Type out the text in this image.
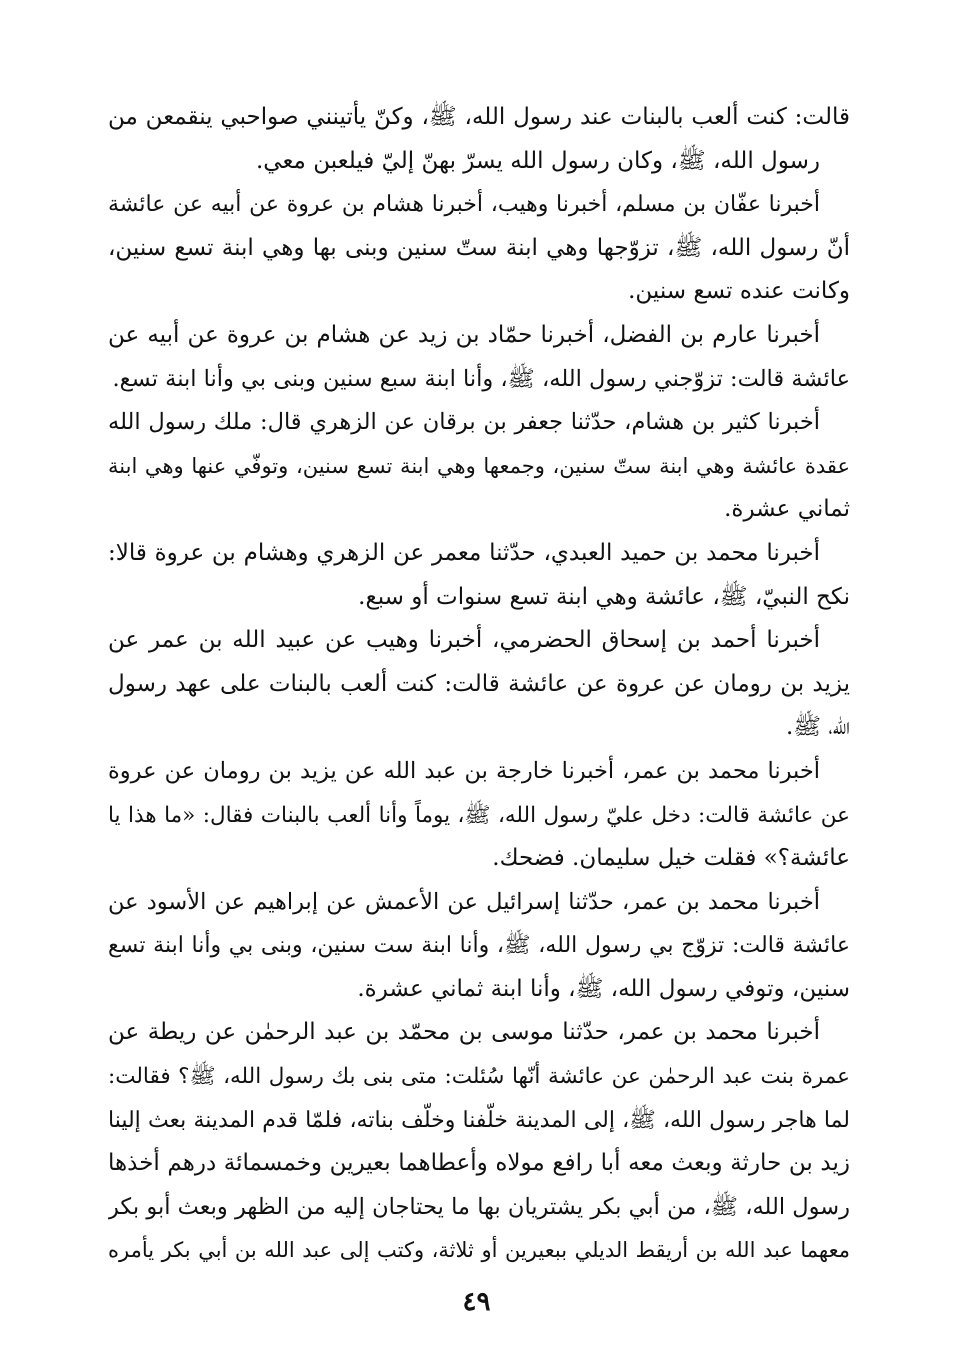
قالت: كنت ألعب بالبنات عند رسول الله، ﷺ، وكنّ يأتينني صواحبي ينقمعن من
رسول الله، ﷺ، وكان رسول الله يسرّ بهنّ إليّ فيلعبن معي.
أخبرنا عفّان بن مسلم، أخبرنا وهيب، أخبرنا هشام بن عروة عن أبيه عن عائشة
أنّ رسول الله، ﷺ، تزوّجها وهي ابنة ستّ سنين وبنى بها وهي ابنة تسع سنين،
وكانت عنده تسع سنين.
أخبرنا عارم بن الفضل، أخبرنا حمّاد بن زيد عن هشام بن عروة عن أبيه عن
عائشة قالت: تزوّجني رسول الله، ﷺ، وأنا ابنة سبع سنين وبنى بي وأنا ابنة تسع.
أخبرنا كثير بن هشام، حدّثنا جعفر بن برقان عن الزهري قال: ملك رسول الله
عقدة عائشة وهي ابنة ستّ سنين، وجمعها وهي ابنة تسع سنين، وتوفّي عنها وهي ابنة
ثماني عشرة.
أخبرنا محمد بن حميد العبدي، حدّثنا معمر عن الزهري وهشام بن عروة قالا:
نكح النبيّ، ﷺ، عائشة وهي ابنة تسع سنوات أو سبع.
أخبرنا أحمد بن إسحاق الحضرمي، أخبرنا وهيب عن عبيد الله بن عمر عن
يزيد بن رومان عن عروة عن عائشة قالت: كنت ألعب بالبنات على عهد رسول
الله، ﷺ.
أخبرنا محمد بن عمر، أخبرنا خارجة بن عبد الله عن يزيد بن رومان عن عروة
عن عائشة قالت: دخل عليّ رسول الله، ﷺ، يوماً وأنا ألعب بالبنات فقال: «ما هذا يا
عائشة؟» فقلت خيل سليمان. فضحك.
أخبرنا محمد بن عمر، حدّثنا إسرائيل عن الأعمش عن إبراهيم عن الأسود عن
عائشة قالت: تزوّج بي رسول الله، ﷺ، وأنا ابنة ست سنين، وبنى بي وأنا ابنة تسع
سنين، وتوفي رسول الله، ﷺ، وأنا ابنة ثماني عشرة.
أخبرنا محمد بن عمر، حدّثنا موسى بن محمّد بن عبد الرحمٰن عن ريطة عن
عمرة بنت عبد الرحمٰن عن عائشة أنّها سُئلت: متى بنى بك رسول الله، ﷺ؟ فقالت:
لما هاجر رسول الله، ﷺ، إلى المدينة خلّفنا وخلّف بناته، فلمّا قدم المدينة بعث إلينا
زيد بن حارثة وبعث معه أبا رافع مولاه وأعطاهما بعيرين وخمسمائة درهم أخذها
رسول الله، ﷺ، من أبي بكر يشتريان بها ما يحتاجان إليه من الظهر وبعث أبو بكر
معهما عبد الله بن أريقط الديلي ببعيرين أو ثلاثة، وكتب إلى عبد الله بن أبي بكر يأمره
٤٩
